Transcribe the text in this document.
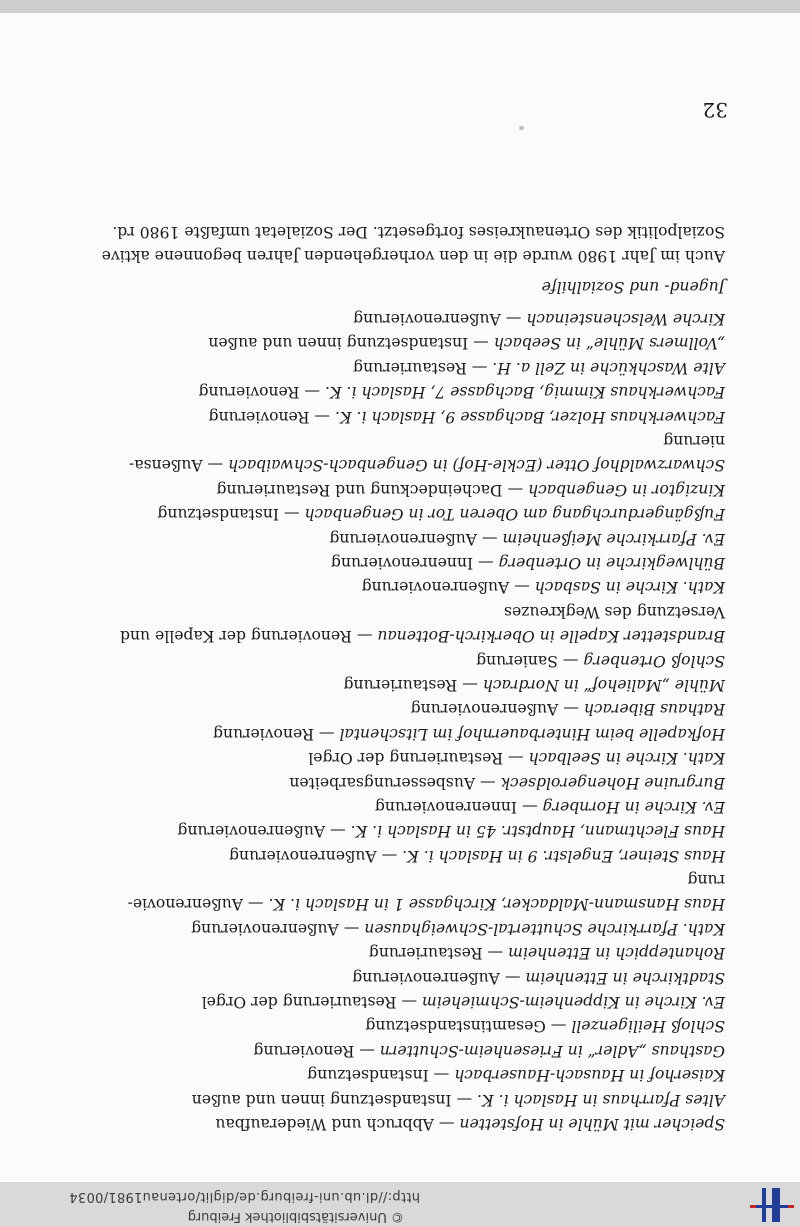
http://dl.ub.uni-freiburg.de/diglit/ortenau1981/0034
© Universitätsbibliothek Freiburg
32
Speicher mit Mühle in Hofstetten — Abbruch und Wiederaufbau
Altes Pfarrhaus in Haslach i. K. — Instandsetzung innen und außen
Kaiserhof in Hausach-Hauserbach — Instandsetzung
Gasthaus „Adler“ in Friesenheim-Schuttern — Renovierung
Schloß Heiligenzell — Gesamtinstandsetzung
Ev. Kirche in Kippenheim-Schmieheim — Restaurierung der Orgel
Stadtkirche in Ettenheim — Außenrenovierung
Rohanteppich in Ettenheim — Restaurierung
Kath. Pfarrkirche Schuttertal-Schweighausen — Außenrenovierung
Haus Hansmann-Maldacker, Kirchgasse 1 in Haslach i. K. — Außenrenovie-
rung
Haus Steiner, Engelstr. 9 in Haslach i. K. — Außenrenovierung
Haus Flechtmann, Hauptstr. 45 in Haslach i. K. — Außenrenovierung
Ev. Kirche in Hornberg — Innenrenovierung
Burgruine Hohengeroldseck — Ausbesserungsarbeiten
Kath. Kirche in Seelbach — Restaurierung der Orgel
Hofkapelle beim Hinterbauernhof im Litschental — Renovierung
Rathaus Biberach — Außenrenovierung
Mühle „Maliehof“ in Nordrach — Restaurierung
Schloß Ortenberg — Sanierung
Brandstetter Kapelle in Oberkirch-Bottenau — Renovierung der Kapelle und
Versetzung des Wegkreuzes
Kath. Kirche in Sasbach — Außenrenovierung
Bühlwegkirche in Ortenberg — Innenrenovierung
Ev. Pfarrkirche Meißenheim — Außenrenovierung
Fußgängerdurchgang am Oberen Tor in Gengenbach — Instandsetzung
Kinzigtor in Gengenbach — Dacheindeckung und Restaurierung
Schwarzwaldhof Otter (Eckle-Hof) in Gengenbach-Schwaibach — Außensa-
nierung
Fachwerkhaus Holzer, Bachgasse 9, Haslach i. K. — Renovierung
Fachwerkhaus Kimmig, Bachgasse 7, Haslach i. K. — Renovierung
Alte Waschküche in Zell a. H. — Restaurierung
„Vollmers Mühle“ in Seebach — Instandsetzung innen und außen
Kirche Welschensteinach — Außenrenovierung
Jugend- und Sozialhilfe
Auch im Jahr 1980 wurde die in den vorhergehenden Jahren begonnene aktive
Sozialpolitik des Ortenaukreises fortgesetzt. Der Sozialetat umfaßte 1980 rd.
